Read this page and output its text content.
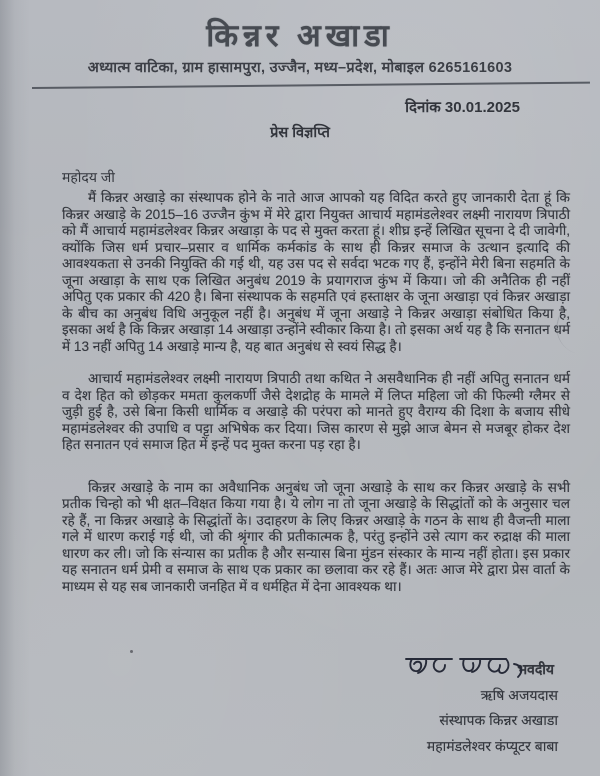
किन्नर अखाडा
अध्यात्म वाटिका, ग्राम हासामपुरा, उज्जैन, मध्य–प्रदेश, मोबाइल 6265161603
दिनांक 30.01.2025
प्रेस विज्ञप्ति
महोदय जी

मैं किन्नर अखाड़े का संस्थापक होने के नाते आज आपको यह विदित करते हुए जानकारी देता हूं कि किन्नर अखाड़े के 2015–16 उज्जैन कुंभ में मेरे द्वारा नियुक्त आचार्य महामंडलेश्वर लक्ष्मी नारायण त्रिपाठी को मैं आचार्य महामंडलेश्वर किन्नर अखाड़ा के पद से मुक्त करता हूं। शीघ्र इन्हें लिखित सूचना दे दी जावेगी, क्योंकि जिस धर्म प्रचार–प्रसार व धार्मिक कर्मकांड के साथ ही किन्नर समाज के उत्थान इत्यादि की आवश्यकता से उनकी नियुक्ति की गई थी, यह उस पद से सर्वदा भटक गए हैं, इन्होंने मेरी बिना सहमति के जूना अखाड़ा के साथ एक लिखित अनुबंध 2019 के प्रयागराज कुंभ में किया। जो की अनैतिक ही नहीं अपितु एक प्रकार की 420 है। बिना संस्थापक के सहमति एवं हस्ताक्षर के जूना अखाड़ा एवं किन्नर अखाड़ा के बीच का अनुबंध विधि अनुकूल नहीं है। अनुबंध में जूना अखाड़े ने किन्नर अखाड़ा संबोधित किया है, इसका अर्थ है कि किन्नर अखाड़ा 14 अखाड़ा उन्होंने स्वीकार किया है। तो इसका अर्थ यह है कि सनातन धर्म में 13 नहीं अपितु 14 अखाड़े मान्य है, यह बात अनुबंध से स्वयं सिद्ध है।

आचार्य महामंडलेश्वर लक्ष्मी नारायण त्रिपाठी तथा कथित ने असवैधानिक ही नहीं अपितु सनातन धर्म व देश हित को छोड़कर ममता कुलकर्णी जैसे देशद्रोह के मामले में लिप्त महिला जो की फिल्मी ग्लैमर से जुड़ी हुई है, उसे बिना किसी धार्मिक व अखाड़े की परंपरा को मानते हुए वैराग्य की दिशा के बजाय सीधे महामंडलेश्वर की उपाधि व पट्टा अभिषेक कर दिया। जिस कारण से मुझे आज बेमन से मजबूर होकर देश हित सनातन एवं समाज हित में इन्हें पद मुक्त करना पड़ रहा है।

किन्नर अखाड़े के नाम का अवैधानिक अनुबंध जो जूना अखाड़े के साथ कर किन्नर अखाड़े के सभी प्रतीक चिन्हो को भी क्षत–विक्षत किया गया है। ये लोग ना तो जूना अखाड़े के सिद्धांतों को के अनुसार चल रहे हैं, ना किन्नर अखाड़े के सिद्धांतों के। उदाहरण के लिए किन्नर अखाड़े के गठन के साथ ही वैजन्ती माला गले में धारण कराई गई थी, जो की श्रृंगार की प्रतीकात्मक है, परंतु इन्होंने उसे त्याग कर रुद्राक्ष की माला धारण कर ली। जो कि संन्यास का प्रतीक है और सन्यास बिना मुंडन संस्कार के मान्य नहीं होता। इस प्रकार यह सनातन धर्म प्रेमी व समाज के साथ एक प्रकार का छलावा कर रहे हैं। अतः आज मेरे द्वारा प्रेस वार्ता के माध्यम से यह सब जानकारी जनहित में व धर्महित में देना आवश्यक था।

भवदीय
ऋषि अजयदास
संस्थापक किन्नर अखाडा
महामंडलेश्वर कंप्यूटर बाबा
